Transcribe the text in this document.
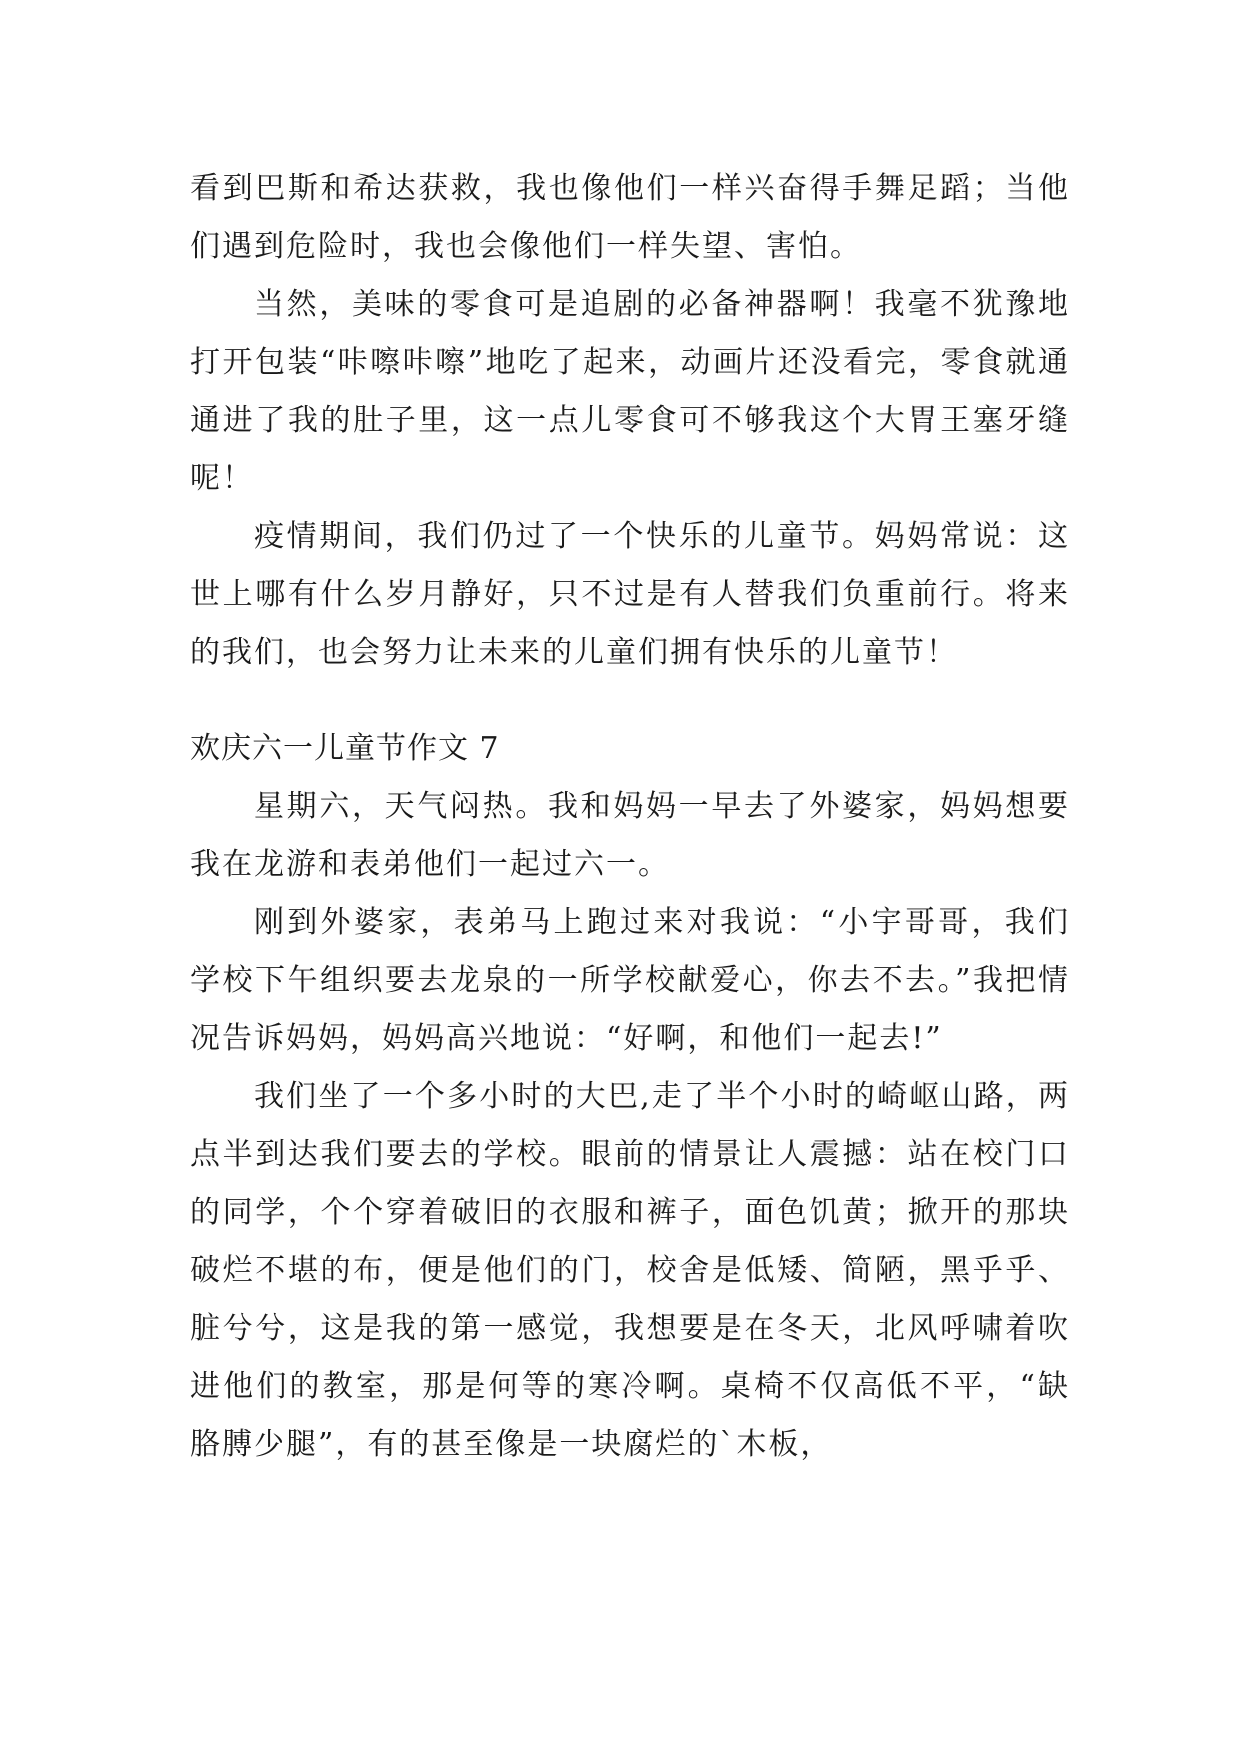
看到巴斯和希达获救，我也像他们一样兴奋得手舞足蹈；当他们遇到危险时，我也会像他们一样失望、害怕。

当然，美味的零食可是追剧的必备神器啊！我毫不犹豫地打开包装“咔嚓咔嚓”地吃了起来，动画片还没看完，零食就通通进了我的肚子里，这一点儿零食可不够我这个大胃王塞牙缝呢！

疫情期间，我们仍过了一个快乐的儿童节。妈妈常说：这世上哪有什么岁月静好，只不过是有人替我们负重前行。将来的我们，也会努力让未来的儿童们拥有快乐的儿童节！

欢庆六一儿童节作文 7

星期六，天气闷热。我和妈妈一早去了外婆家，妈妈想要我在龙游和表弟他们一起过六一。

刚到外婆家，表弟马上跑过来对我说：“小宇哥哥，我们学校下午组织要去龙泉的一所学校献爱心，你去不去。”我把情况告诉妈妈，妈妈高兴地说：“好啊，和他们一起去!”

我们坐了一个多小时的大巴,走了半个小时的崎岖山路，两点半到达我们要去的学校。眼前的情景让人震撼：站在校门口的同学，个个穿着破旧的衣服和裤子，面色饥黄；掀开的那块破烂不堪的布，便是他们的门，校舍是低矮、简陋，黑乎乎、脏兮兮，这是我的第一感觉，我想要是在冬天，北风呼啸着吹进他们的教室，那是何等的寒冷啊。桌椅不仅高低不平，“缺胳膊少腿”，有的甚至像是一块腐烂的`木板，
